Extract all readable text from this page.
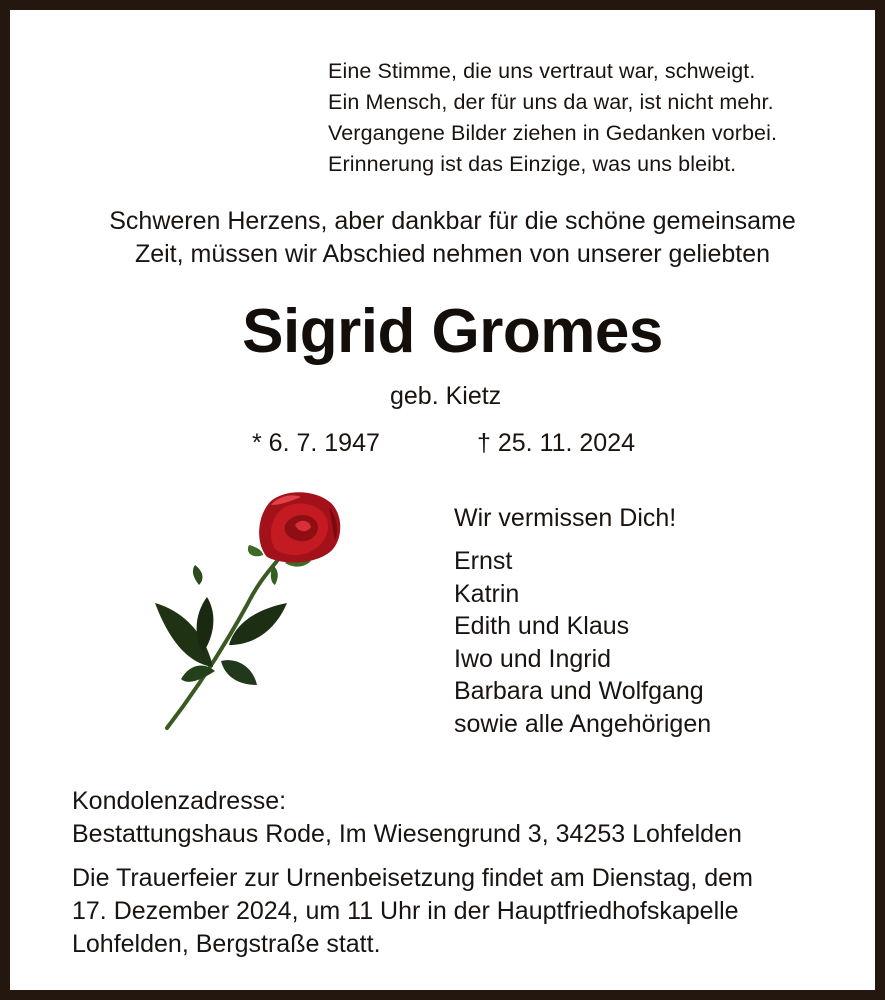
Eine Stimme, die uns vertraut war, schweigt.
Ein Mensch, der für uns da war, ist nicht mehr.
Vergangene Bilder ziehen in Gedanken vorbei.
Erinnerung ist das Einzige, was uns bleibt.
Schweren Herzens, aber dankbar für die schöne gemeinsame
Zeit, müssen wir Abschied nehmen von unserer geliebten
Sigrid Gromes
geb. Kietz
* 6. 7. 1947	† 25. 11. 2024
Wir vermissen Dich!
Ernst
Katrin
Edith und Klaus
Iwo und Ingrid
Barbara und Wolfgang
sowie alle Angehörigen
Kondolenzadresse:
Bestattungshaus Rode, Im Wiesengrund 3, 34253 Lohfelden
Die Trauerfeier zur Urnenbeisetzung findet am Dienstag, dem
17. Dezember 2024, um 11 Uhr in der Hauptfriedhofskapelle
Lohfelden, Bergstraße statt.
